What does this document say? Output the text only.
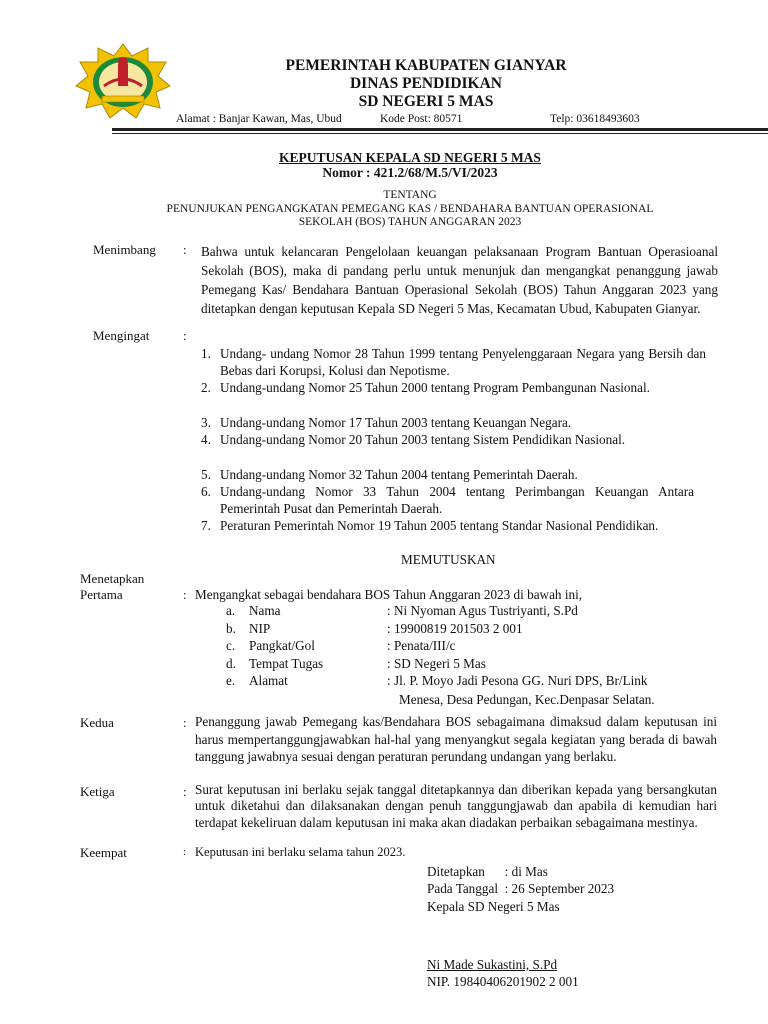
PEMERINTAH KABUPATEN GIANYAR
DINAS PENDIDIKAN
SD NEGERI 5 MAS
Alamat : Banjar Kawan, Mas, Ubud	Kode Post: 80571	Telp: 03618493603
KEPUTUSAN KEPALA SD NEGERI 5 MAS
Nomor : 421.2/68/M.5/VI/2023
TENTANG
PENUNJUKAN PENGANGKATAN PEMEGANG KAS / BENDAHARA BANTUAN OPERASIONAL
SEKOLAH (BOS) TAHUN ANGGARAN 2023
Menimbang : Bahwa untuk kelancaran Pengelolaan keuangan pelaksanaan Program Bantuan Operasioanal Sekolah (BOS), maka di pandang perlu untuk menunjuk dan mengangkat penanggung jawab Pemegang Kas/ Bendahara Bantuan Operasional Sekolah (BOS) Tahun Anggaran 2023 yang ditetapkan dengan keputusan Kepala SD Negeri 5 Mas, Kecamatan Ubud, Kabupaten Gianyar.
Mengingat	:
1. Undang- undang Nomor 28 Tahun 1999 tentang Penyelenggaraan Negara yang Bersih dan Bebas dari Korupsi, Kolusi dan Nepotisme.
2. Undang-undang Nomor 25 Tahun 2000 tentang Program Pembangunan Nasional.
3. Undang-undang Nomor 17 Tahun 2003 tentang Keuangan Negara.
4. Undang-undang Nomor 20 Tahun 2003 tentang Sistem Pendidikan Nasional.
5. Undang-undang Nomor 32 Tahun 2004 tentang Pemerintah Daerah.
6. Undang-undang Nomor 33 Tahun 2004 tentang Perimbangan Keuangan Antara Pemerintah Pusat dan Pemerintah Daerah.
7. Peraturan Pemerintah Nomor 19 Tahun 2005 tentang Standar Nasional Pendidikan.
MEMUTUSKAN
Menetapkan
Pertama	: Mengangkat sebagai bendahara BOS Tahun Anggaran 2023 di bawah ini,
a. Nama	: Ni Nyoman Agus Tustriyanti, S.Pd
b. NIP	: 19900819 201503 2 001
c. Pangkat/Gol	: Penata/III/c
d. Tempat Tugas	: SD Negeri 5 Mas
e. Alamat	: Jl. P. Moyo Jadi Pesona GG. Nuri DPS, Br/Link
Menesa, Desa Pedungan, Kec.Denpasar Selatan.
Kedua	: Penanggung jawab Pemegang kas/Bendahara BOS sebagaimana dimaksud dalam keputusan ini harus mempertanggungjawabkan hal-hal yang menyangkut segala kegiatan yang berada di bawah tanggung jawabnya sesuai dengan peraturan perundang undangan yang berlaku.
Ketiga	: Surat keputusan ini berlaku sejak tanggal ditetapkannya dan diberikan kepada yang bersangkutan untuk diketahui dan dilaksanakan dengan penuh tanggungjawab dan apabila di kemudian hari terdapat kekeliruan dalam keputusan ini maka akan diadakan perbaikan sebagaimana mestinya.
Keempat	: Keputusan ini berlaku selama tahun 2023.
Ditetapkan      : di Mas
Pada Tanggal  : 26 September 2023
Kepala SD Negeri 5 Mas
Ni Made Sukastini, S.Pd
NIP. 19840406201902 2 001
